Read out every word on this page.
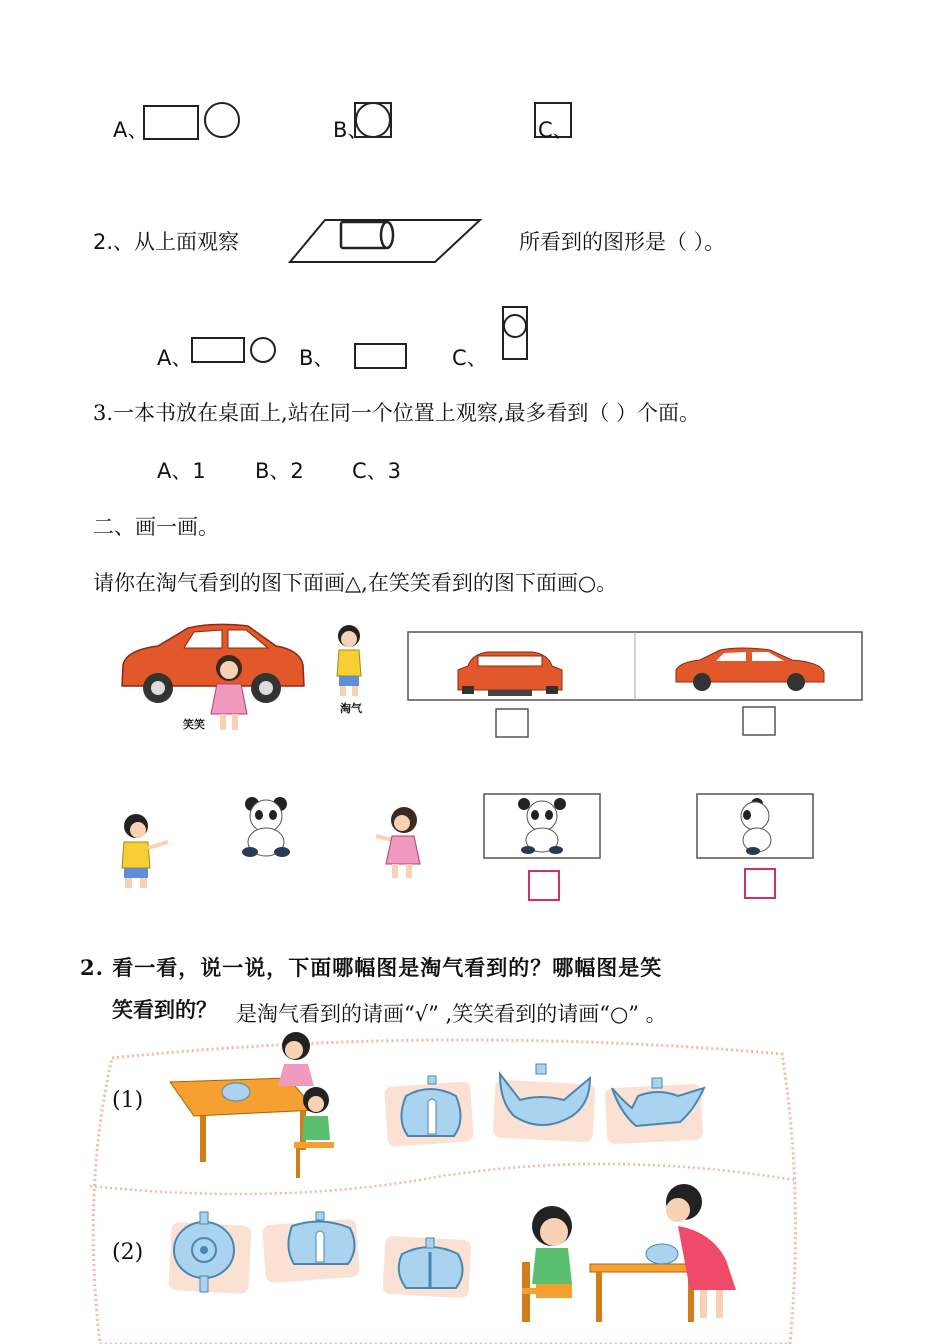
A、	B、	C、
2.、从上面观察	所看到的图形是（ ）。
A、	B、	C、
3.一本书放在桌面上,站在同一个位置上观察,最多看到（ ）个面。
A、1 B、2 C、3
二、画一画。
请你在淘气看到的图下面画△,在笑笑看到的图下面画○。
笑笑
淘气
2. 看一看，说一说，下面哪幅图是淘气看到的？哪幅图是笑
笑看到的？ 是淘气看到的请画“√” ,笑笑看到的请画“○” 。
(1)
(2)
